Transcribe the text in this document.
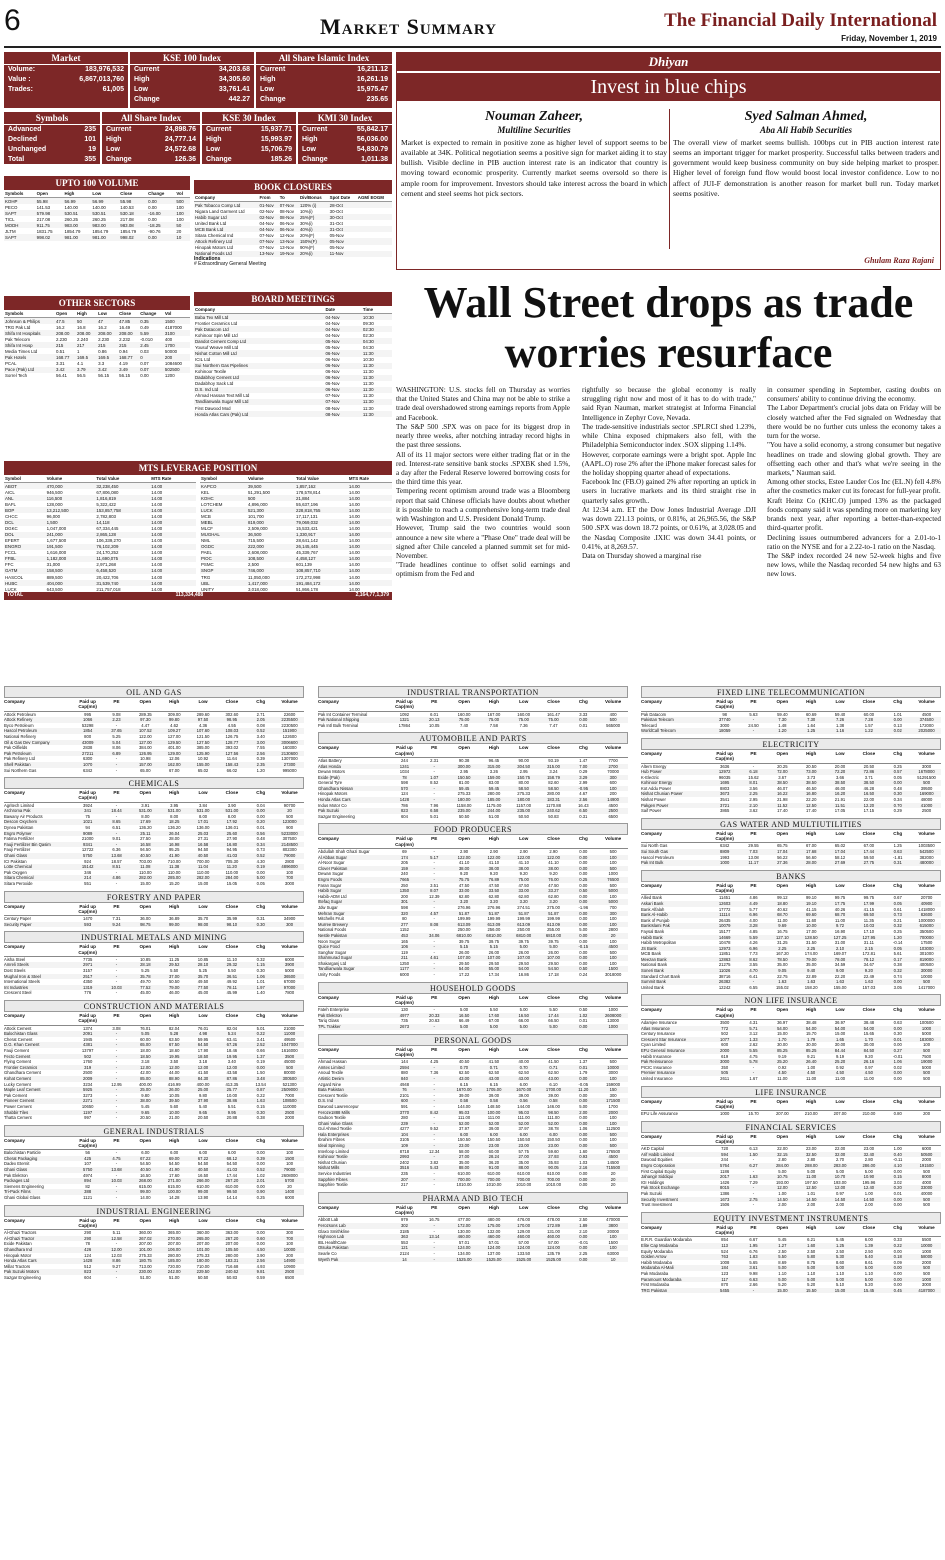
6	Market Summary	The Financial Daily International
Friday, November 1, 2019
Market
Volume:	183,976,532
Value :	6,867,013,760
Trades:	61,005
KSE 100 Index
Current	34,203.68
High	34,305.60
Low	33,761.41
Change	442.27
All Share Islamic Index
Current	16,211.12
High	16,261.19
Low	15,975.47
Change	235.65
Symbols
Advanced	235
Declined	101
Unchanged	19
Total	355
All Share Index
Current	24,898.76
High	24,777.14
Low	24,572.68
Change	126.36
KSE 30 Index
Current	15,937.71
High	15,993.97
Low	15,706.79
Change	185.26
KMI 30 Index
Current	55,842.17
High	56,036.00
Low	54,830.79
Change	1,011.38
UPTO 100 VOLUME
Symbols	Open	High	Low	Close	Change	Vol
KOHP	55.98	56.99	56.99	55.98	0.00	500
PECO	141.53	140.00	140.00	140.53	0.00	100
SAPT	579.98	530.51	530.51	530.18	-16.00	100
TICL	217.08	260.25	260.25	217.08	0.00	100
MODH	911.75	983.00	983.00	983.08	-18.25	50
JLTM	1831.75	1854.79	1854.79	1854.79	-90.76	20
SAPT	998.02	981.00	981.00	998.02	0.00	10
OTHER SECTORS
Symbols	Open	High	Low	Close	Change	Vol
Johnson & Philips	47.5	50	47	47.85	0.35	1500
TRG Pak Ltd	16.2	16.8	16.2	16.49	0.49	4187000
Shifa Int Hospitals	208.00	208.00	208.00	208.00	5.59	3100
Pak Telecom	2.230	2.240	2.230	2.232	-0.010	400
Shifa Int Hosp	215	217	215	215	2.45	1700
Media Times Ltd	0.51	1	0.86	0.94	0.03	50000
Pak Hotels	168.77	169.5	169.5	168.77	0	200
PCAL	3.31	4.1	3.3	4.19	0.07	1084600
Pace (Pak) Ltd	3.42	3.79	3.42	3.49	0.07	502500
Sorrel Tech	56.41	56.5	56.15	56.15	0.00	1200
BOOK CLOSURES
Company	From	To	Div/Bonus	Spot Date	AGM/ EOGM
Pak Tobacco Comp Ltd	01-Nov	07-Nov	120% (i)	28-Oct	
Nigara Land Garment Ltd	02-Nov	08-Nov	10%(i)	30-Oct	
Habib Sugar Ltd	02-Nov	08-Nov	25%(F)	30-Oct	
United Bank Ltd	04-Nov	06-Nov	30%(i)	31-Oct	
MCB Bank Ltd	04-Nov	06-Nov	40%(i)	31-Oct	
Sitara Chemical Ind	07-Nov	12-Nov	20%(F)	05-Nov	
Attock Refinery Ltd	07-Nov	13-Nov	150%(F)	05-Nov	
Hinopak Motors Ltd	07-Nov	13-Nov	90%(F)	05-Nov	
National Foods Ltd	13-Nov	19-Nov	20%(i)	11-Nov	
Indications
# Extraordinary General Meeting
BOARD MEETINGS
Company	Date	Time
Baba Tex Mill Ltd	04-Nov	10:30
Frontier Ceramics Ltd	04-Nov	09:30
Pak Datacom Ltd	04-Nov	02:30
Kohinoor Spin Mill Ltd	04-Nov	02:30
Dandot Cement Comp Ltd	05-Nov	04:30
Yousuf Weave Mill Ltd	05-Nov	04:30
Nishat Cotton Mill Ltd	06-Nov	11:30
ICIL Ltd	06-Nov	10:30
Sui Northern Gas Pipelines	06-Nov	11:30
Kohinoor Textile	06-Nov	11:30
Dadabhoy Cement Ltd	06-Nov	11:30
Dadabhoy Sack Ltd	06-Nov	11:30
D.S. Ind Ltd	06-Nov	11:30
Ahmad Hassan Text Mill Ltd	07-Nov	11:30
Tandlianwala Sugar Mill Ltd	07-Nov	11:30
First Dawood Mod	08-Nov	11:30
Honda Atlas Cars (Pak) Ltd	08-Nov	11:30
MTS LEVERAGE POSITION
Symbol	Volume	Total Value	MTS Rate
ABOT	470,000	32,238,450	14.00
AICL	946,500	67,806,080	14.00
ANL	116,500	1,816,819	14.00
BAFL	128,000	5,322,422	14.00
BOP	13,212,500	153,857,758	14.00
CHCC	96,000	2,782,803	14.00
DCL	1,500	14,118	14.00
DGKC	1,047,000	67,334,445	14.00
DOL	241,000	2,865,128	14.00
EFERT	1,677,500	106,339,270	14.00
ENGRO	191,500	76,102,209	14.00
FCCL	1,616,000	24,170,252	14.00
FFBL	1,182,000	11,690,075	14.00
FFC	31,000	2,971,268	14.00
GATM	158,500	6,458,520	14.00
HASCOL	889,500	20,422,706	14.00
HUBC	404,000	31,539,740	14.00
LUCK	643,500	211,757,018	14.00
Symbol	Volume	Total Value	MTS Rate
KAPCO	39,500	1,857,162	14.00
KEL	51,291,500	178,578,814	14.00
KOHC	500	21,884	14.00
LOTCHEM	4,896,000	55,637,196	14.00
LUCK	521,300	228,818,755	14.00
MCB	101,700	17,117,131	14.00
MEBL	819,000	79,069,032	14.00
MLCF	2,509,000	15,533,421	14.00
MUGHAL	36,500	1,330,917	14.00
NML	715,500	28,641,142	14.00
OGDC	222,000	26,145,445	14.00
PAEL	2,608,000	45,339,767	14.00
PIOC	108,500	4,458,127	14.00
PSMC	2,500	601,139	14.00
SNGP	746,000	108,857,710	14.00
TRG	11,050,000	172,272,998	14.00
UBL	1,417,000	191,484,172	14.00
UNITY	3,018,000	51,866,178	14.00
TOTAL	113,334,488	2,164,77,1,379
Dhiyan
Invest in blue chips
Nouman Zaheer,
Multiline Securities
Market is expected to remain in positive zone as higher level of support seems to be available at 34K. Political negotiation seems a positive sign for market aiding it to stay bullish. Visible decline in PIB auction interest rate is an indicator that country is moving toward economic prosperity. Currently market seems oversold so there is ample room for improvement. Investors should take interest across the board in which cement and steel seems hot pick sectors.
Syed Salman Ahmed,
Aba Ali Habib Securities
The overall view of market seems bullish. 100bps cut in PIB auction interest rate seems an important trigger for market prosperity. Successful talks between traders and government would keep business community on buy side helping market to prosper. Higher level of foreign fund flow would boost local investor confidence. Low to no affect of JUI-F demonstration is another reason for market bull run. Today market seems positive.
Ghulam Raza Rajani
Wall Street drops as trade worries resurface
WASHINGTON: U.S. stocks fell on Thursday as worries that the United States and China may not be able to strike a trade deal overshadowed strong earnings reports from Apple and Facebook.
The S&P 500 .SPX was on pace for its biggest drop in nearly three weeks, after notching intraday record highs in the past three sessions.
All of its 11 major sectors were either trading flat or in the red. Interest-rate sensitive bank stocks .SPXBK shed 1.5%, a day after the Federal Reserve lowered borrowing costs for the third time this year.
Tempering recent optimism around trade was a Bloomberg report that said Chinese officials have doubts about whether it is possible to reach a comprehensive long-term trade deal with Washington and U.S. President Donald Trump.
However, Trump said the two countries would soon announce a new site where a "Phase One" trade deal will be signed after Chile canceled a planned summit set for mid-November.
"Trade headlines continue to offset solid earnings and optimism from the Fed and
rightfully so because the global economy is really struggling right now and most of it has to do with trade," said Ryan Nauman, market strategist at Informa Financial Intelligence in Zephyr Cove, Nevada.
The trade-sensitive industrials sector .SPLRCI shed 1.23%, while China exposed chipmakers also fell, with the Philadelphia Semiconductor index .SOX slipping 1.14%.
However, corporate earnings were a bright spot. Apple Inc (AAPL.O) rose 2% after the iPhone maker forecast sales for the holiday shopping quarter ahead of expectations.
Facebook Inc (FB.O) gained 2% after reporting an uptick in users in lucrative markets and its third straight rise in quarterly sales growth..
At 12:34 a.m. ET the Dow Jones Industrial Average .DJI was down 221.13 points, or 0.81%, at 26,965.56, the S&P 500 .SPX was down 18.72 points, or 0.61%, at 3,028.05 and the Nasdaq Composite .IXIC was down 34.41 points, or 0.41%, at 8,269.57.
Data on Thursday showed a marginal rise
in consumer spending in September, casting doubts on consumers' ability to continue driving the economy.
The Labor Department's crucial jobs data on Friday will be closely watched after the Fed signaled on Wednesday that there would be no further cuts unless the economy takes a turn for the worse.
"You have a solid economy, a strong consumer but negative headlines on trade and slowing global growth. They are offsetting each other and that's what we're seeing in the markets," Nauman said.
Among other stocks, Estee Lauder Cos Inc (EL.N) fell 4.8% after the cosmetics maker cut its forecast for full-year profit.
Kraft Heinz Co (KHC.O) jumped 13% as the packaged foods company said it was spending more on marketing key brands next year, after reporting a better-than-expected third-quarter profit.
Declining issues outnumbered advancers for a 2.01-to-1 ratio on the NYSE and for a 2.22-to-1 ratio on the Nasdaq.
The S&P index recorded 24 new 52-week highs and five new lows, while the Nasdaq recorded 54 new highs and 63 new lows.
OIL AND GAS
Company	Paid up Cap(mn)
PE	Open	High	Low	Close	Chg	Volume
Attock Petroleum	995	9.08	289.35	309.00	289.60	302.60	2.71	22600
Attock Refinery	1066	2.23	97.30	99.80	97.50	98.95	2.05	2235500
Byco Petroleum	53298	-	4.47	4.62	4.36	4.55	0.08	2230500
Hascol Petroleum	1854	37.65	107.52	109.27	107.60	108.03	0.52	151900
National Refinery	800	5.25	122.00	127.00	121.50	126.75	3.40	122600
Oil & Gas Dev Company	43009	5.04	127.00	129.50	127.50	128.77	3.00	3006600
Pak Oilfields	2838	8.06	384.00	401.00	385.00	393.02	7.55	160300
Pak Petroleum	27211	6.89	126.95	129.00	125.90	127.56	2.56	2130600
Pak Refinery Ltd	6300	-	10.98	12.06	10.92	11.64	0.39	1307000
Shell Pakistan	1070	-	157.00	162.00	155.00	158.43	2.35	27300
Sui Northern Gas	6342	-	65.00	67.00	65.02	66.02	1.20	995000
CHEMICALS
Company	Paid up Cap(mn)
PE	Open	High	Low	Close	Chg	Volume
Agritech Limited	3924	-	3.91	3.95	3.84	3.90	0.04	90700
Archroma Pak	341	18.44	531.00	531.00	531.00	531.00	0.00	20
Bawany Air Products	75	-	8.00	8.00	8.00	8.00	0.00	500
Descon Oxychem	1021	8.65	17.69	18.25	17.01	17.92	0.20	123000
Dynea Pakistan	94	6.51	136.20	136.20	136.00	136.01	0.01	900
Engro Polymer	9089	-	25.11	26.04	25.03	25.60	0.56	5233000
Fatima Fertilizer	21000	9.01	27.50	28.00	27.31	27.90	0.48	307500
Fauji Fertilizer Bin Qasim	9341	-	16.58	16.98	16.58	16.80	0.34	2148500
Fauji Fertilizer	12722	6.36	94.50	95.25	94.50	94.95	0.73	802300
Ghani Glass	5750	13.68	40.50	41.90	40.50	41.03	0.52	79000
ICI Pakistan	924	18.57	703.00	710.00	700.00	705.30	4.30	2800
Lotte Chemical	15142	8.51	11.08	11.38	11.04	11.20	0.19	4896000
Pak Oxygen	346	-	110.00	110.00	110.00	110.00	0.00	100
Sitara Chemical	214	4.86	282.00	285.00	282.00	284.00	5.00	700
Sitara Peroxide	551	-	15.00	15.20	15.00	15.05	0.05	3000
FORESTRY AND PAPER
Company	Paid up Cap(mn)
PE	Open	High	Low	Close	Chg	Volume
Century Paper	1470	7.31	36.00	36.89	35.70	35.99	0.31	34900
Security Paper	593	9.24	98.75	99.00	98.00	98.10	0.30	300
INDUSTRIAL METALS AND MINING
Company	Paid up Cap(mn)
PE	Open	High	Low	Close	Chg	Volume
Aisha Steel	7735	-	10.85	11.25	10.85	11.10	0.32	6000
Amreli Steels	2971	-	28.18	29.52	28.10	29.32	1.15	3900
Dost Steels	3157	-	5.25	5.50	5.25	5.50	0.30	5000
Mughal Iron & Steel	2517	-	35.78	37.00	35.70	36.51	1.06	36500
International Steels	4350	-	49.70	50.50	49.50	49.92	1.01	67000
Int Industries	1319	10.03	77.52	79.00	77.50	78.11	1.97	97000
Crescent Steel	776	-	45.00	46.00	45.00	45.99	1.40	7800
CONSTRUCTION AND MATERIALS
Company	Paid up Cap(mn)
PE	Open	High	Low	Close	Chg	Volume
Attock Cement	1374	3.08	76.01	82.04	76.01	82.04	5.01	21000
Balochistan Glass	2091	-	5.05	5.28	4.98	5.24	0.22	11000
Cherat Cement	1945	-	60.00	63.50	59.95	63.41	3.41	49500
D.G. Khan Cement	4381	-	65.00	67.50	64.50	67.26	2.52	1047000
Fauji Cement	13797	-	18.00	18.60	17.90	18.46	0.66	1616000
Fecto Cement	502	-	18.50	19.95	18.50	19.95	1.37	3500
Flying Cement	1760	-	3.18	3.50	3.18	3.40	0.19	45000
Frontier Ceramics	319	-	12.00	12.00	12.00	12.00	0.00	500
Ghandhara Cement	2500	-	42.00	44.00	41.50	43.58	1.50	80000
Kohat Cement	2009	-	85.00	88.90	84.30	87.86	3.48	300500
Lucky Cement	3234	12.95	400.00	416.99	400.00	413.35	13.54	521300
Maple Leaf Cement	5925	-	25.00	26.00	25.00	25.77	0.87	2509000
Pak Cement	3273	-	9.80	10.05	9.80	10.00	0.22	7000
Pioneer Cement	2271	-	38.00	39.50	37.90	38.86	1.63	108500
Power Cement	10650	-	5.45	5.60	5.40	5.51	0.15	110000
Shabbir Tiles	1197	-	9.65	10.00	9.65	9.95	0.30	2500
Thatta Cement	997	-	20.50	21.00	20.50	20.88	0.38	2000
GENERAL INDUSTRIALS
Company	Paid up Cap(mn)
PE	Open	High	Low	Close	Chg	Volume
Balochistan Particle	56	-	6.00	6.00	6.00	6.00	0.00	100
Cherat Packaging	425	4.75	67.22	69.00	67.22	68.12	0.39	1500
Dadex Eternit	107	-	54.50	54.50	54.50	54.50	0.00	100
Ghani Glass	5750	13.68	40.50	41.90	40.50	41.03	0.52	79000
Pak Elektron	4974	-	16.50	17.60	16.50	17.44	1.02	2608000
Packages Ltd	894	10.03	268.00	271.00	266.00	267.20	2.01	5700
Siemens Engineering	82	-	615.00	615.00	610.00	610.00	0.00	20
Tri-Pack Films	388	-	99.00	100.00	99.00	99.50	0.90	1400
Ghani Global Glass	1121	-	14.00	14.28	13.90	14.14	0.25	6000
INDUSTRIAL ENGINEERING
Company	Paid up Cap(mn)
PE	Open	High	Low	Close	Chg	Volume
Al-Ghazi Tractors	290	5.11	360.00	365.00	360.00	363.00	0.00	300
Al-Ghazi Tractor	290	12.58	267.02	270.00	265.00	267.20	0.60	700
Exide Pakistan	78	-	207.00	207.00	207.00	207.00	0.00	100
Ghandhara Ind	426	12.00	101.00	106.00	101.00	105.50	4.50	10000
Hinopak Motor	124	12.03	275.33	280.00	275.33	280.00	3.90	200
Honda Atlas Cars	1428	8.86	180.75	185.00	180.00	183.31	2.56	14900
Millat Tractors	512	9.27	713.00	720.00	710.00	716.68	4.93	10900
Pak Suzuki Motors	823	-	230.00	242.00	229.50	240.62	9.81	2500
Sazgar Engineering	604	-	51.00	51.00	50.50	50.83	0.59	6500
INDUSTRIAL TRANSPORTATION
Company	Paid up Cap(mn)
PE	Open	High	Low	Close	Chg	Volume
Pak Int Container Terminal	1092	6.01	160.00	167.00	160.00	161.47	3.33	400
Pak National Shipping	1321	20.13	75.00	75.00	75.00	75.00	0.00	500
Pak Intl Bulk Terminal	17864	10.05	7.40	7.58	7.36	7.47	0.01	565000
AUTOMOBILE AND PARTS
Company	Paid up Cap(mn)
PE	Open	High	Low	Close	Chg	Volume
Atlas Battery	244	2.31	90.38	96.45	90.00	93.19	1.47	7700
Atlas Honda	1241	-	300.00	315.00	304.50	315.00	7.00	2700
Dewan Motors	1034	-	2.95	3.26	2.95	3.24	0.29	70000
Exide (Pak)	78	1.07	150.50	159.00	150.75	158.79	3.29	300
General Tyre	598	8.52	81.00	83.00	80.00	82.60	2.99	600
Ghandhara Nissan	570	-	59.45	59.45	58.50	58.50	-0.95	100
Hinopak Motors	124	-	275.33	280.00	275.33	280.00	4.67	200
Honda Atlas Cars	1428	-	180.00	185.00	180.00	183.31	2.56	14900
Indus Motor Co	786	7.96	1158.00	1175.00	1157.00	1170.88	16.43	4500
Pak Suzuki	823	6.58	235.00	244.00	235.00	240.62	6.50	2500
Sazgar Engineering	604	5.01	50.50	51.00	50.50	50.83	0.31	6500
FOOD PRODUCERS
Company	Paid up Cap(mn)
PE	Open	High	Low	Close	Chg	Volume
Abdullah Shah Ghazi Sugar	69	-	2.90	2.90	2.90	2.90	0.00	500
Al Abbas Sugar	174	5.17	122.00	122.00	122.00	122.00	0.00	100
Al-Noor Sugar	205	-	41.10	41.10	41.10	41.10	0.00	100
Clover Pakistan	159	-	38.00	38.00	38.00	38.00	0.00	500
Dewan Sugar	240	-	9.20	9.20	9.20	9.20	0.00	1000
Engro Foods	7665	-	75.75	76.89	75.00	76.00	0.25	76500
Faran Sugar	250	3.51	47.50	47.50	47.50	47.50	0.00	500
Habib Sugar	1350	8.07	33.00	33.50	33.00	33.27	0.50	5000
Habib-ADM Ltd	200	12.39	62.80	62.80	62.80	62.80	0.00	100
Ittefaq Sugar	301	-	3.20	3.20	3.20	3.20	0.00	5000
Jdw Sugar	598	-	276.96	276.96	274.51	275.00	-1.96	700
Mehran Sugar	320	4.57	51.87	51.87	51.87	51.87	0.00	300
Mitchells Fruit	80	-	199.99	199.99	199.99	199.99	0.00	100
Murree Brewery	277	8.08	613.09	613.09	613.09	613.09	0.00	100
National Foods	1152	-	250.00	256.00	250.00	255.00	5.00	2800
Nestle Pakistan	453	34.06	6810.00	6810.00	6810.00	6810.00	0.00	20
Noon Sugar	165	-	39.75	39.75	39.75	39.75	0.00	100
Quice Food	106	-	5.15	5.15	5.00	5.00	-0.15	4500
Sanghar Sugar	119	-	26.00	26.00	26.00	26.00	0.00	500
Shahmurad Sugar	211	4.61	107.00	107.00	107.00	107.00	0.00	100
Shakarganj Ltd	1250	-	29.50	29.50	29.50	29.50	0.00	100
Tandlianwala Sugar	1177	-	54.00	55.00	54.00	54.50	0.50	1500
Unity Foods	6000	-	17.22	17.34	16.86	17.18	0.24	3018000
HOUSEHOLD GOODS
Company	Paid up Cap(mn)
PE	Open	High	Low	Close	Chg	Volume
Fateh Enterprise	130	-	5.00	5.50	5.00	5.50	0.50	1000
Pak Elektron	4977	20.33	16.50	17.60	16.50	17.44	1.02	2608000
Tariq Glass	735	20.63	66.49	67.00	66.00	66.50	0.01	13000
TPL Trakker	2673	-	5.00	5.00	5.00	5.00	0.00	1000
PERSONAL GOODS
Company	Paid up Cap(mn)
PE	Open	High	Low	Close	Chg	Volume
Ahmad Hassan	144	4.25	40.50	41.50	40.00	41.50	1.37	500
Amtex Limited	2594	-	0.70	0.71	0.70	0.71	0.01	10000
Anoud Textile	880	7.36	62.50	62.50	62.50	62.50	1.79	3000
Artistic Denim	840	-	43.00	43.00	43.00	43.00	0.00	100
Azgard Nine	4948	-	6.15	6.15	6.00	6.10	-0.05	159000
Bata Pakistan	76	-	1670.00	1705.00	1670.00	1700.00	11.20	150
Crescent Textile	2101	-	39.00	39.00	39.00	39.00	0.00	300
D.S. Ind	600	-	0.58	0.58	0.56	0.58	0.00	171500
Dawood Lawrencepur	591	-	144.00	148.50	144.00	146.00	5.00	1700
Feroze1888 Mills	3770	8.42	95.03	100.00	95.03	98.50	2.00	2000
Gadoon Textile	280	-	111.00	111.00	111.00	111.00	0.00	100
Ghani Value Glass	239	-	52.00	52.00	52.00	52.00	0.00	100
Gul Ahmed Textile	4277	9.52	37.97	39.00	37.97	38.78	1.06	112500
Hala Enterprises	104	-	6.00	6.00	6.00	6.00	0.00	500
Ibrahim Fibres	3105	-	150.50	150.50	150.50	150.50	0.00	100
Ideal Spinning	109	-	23.00	23.00	23.00	23.00	0.00	500
Interloop Limited	8718	12.34	58.00	60.00	57.75	59.60	1.60	176500
Kohinoor Textile	2993	-	27.00	28.24	27.00	27.93	0.93	4500
Nishat Chunian	2402	3.82	35.00	36.20	35.00	35.93	1.03	14500
Nishat Mills	3516	5.43	88.00	91.00	88.00	90.05	2.16	715500
Service Industries	235	-	610.00	610.00	610.00	610.00	0.00	20
Sapphire Fibres	207	-	700.00	700.00	700.00	700.00	0.00	20
Sapphire Textile	217	-	1010.00	1010.00	1010.00	1010.00	0.00	20
PHARMA AND BIO TECH
Company	Paid up Cap(mn)
PE	Open	High	Low	Close	Chg	Volume
Abbott Lab	979	16.75	477.00	480.00	476.00	478.00	2.50	470000
Ferozsons Lab	302	-	172.00	175.00	170.00	172.89	1.89	3800
Glaxo Smithkline	3185	-	130.00	132.00	129.00	131.00	2.10	20000
Highnoon Lab	363	13.14	460.00	460.00	460.00	460.00	0.00	100
IBL HealthCare	553	-	57.01	57.01	57.00	57.00	-0.01	1500
Otsuka Pakistan	121	-	124.00	124.00	124.00	124.00	0.00	100
Searle Co	2124	-	134.00	137.00	133.50	135.79	2.25	63000
Wyeth Pak	14	-	1525.00	1525.00	1525.00	1525.00	0.00	10
FIXED LINE TELECOMMUNICATION
Company	Paid up Cap(mn)
PE	Open	High	Low	Close	Chg	Volume
Pak Datacom	98	5.63	59.40	60.69	59.40	60.00	1.01	4500
Pakistan Telecom	37740	-	7.30	7.30	7.26	7.28	0.00	374500
Telecard	3000	24.50	1.48	1.64	1.38	1.57	0.13	172000
WorldCall Telecom	18059	-	1.20	1.25	1.16	1.22	0.02	2025000
ELECTRICITY
Company	Paid up Cap(mn)
PE	Open	High	Low	Close	Chg	Volume
Altern Energy	3636	-	20.25	20.50	20.00	20.50	0.25	3000
Hub Power	12972	6.18	72.00	73.00	72.20	72.86	0.57	1678000
K-Electric	96035	15.62	3.67	3.73	3.66	3.71	0.05	51291500
Kohinoor Energy	1695	8.01	38.50	38.50	38.50	38.50	0.00	500
Kot Addu Power	8803	3.56	46.07	46.50	46.00	46.28	0.48	39500
Nishat Chunian Power	3673	2.25	16.22	16.80	16.20	16.50	0.30	169000
Nishat Power	3541	2.95	21.98	22.20	21.91	22.00	0.34	48000
Pakgen Power	3721	2.10	11.52	12.50	11.51	12.20	0.70	41000
Saif Power	3865	3.62	17.40	17.40	17.05	17.15	0.29	2500
GAS WATER AND MULTIUTILITIES
Company	Paid up Cap(mn)
PE	Open	High	Low	Close	Chg	Volume
Sui North Gas	6342	29.55	65.75	67.00	65.02	67.00	1.25	1003500
Sui South Gas	8809	7.03	17.04	17.68	17.04	17.44	0.63	542500
Hascol Petroleum	1993	13.08	56.22	56.60	58.12	59.50	-1.81	382000
Pak Int Bulk	1000	11.17	27.36	28.00	27.69	27.75	0.31	480000
BANKS
Company	Paid up Cap(mn)
PE	Open	High	Low	Close	Chg	Volume
Allied Bank	11451	4.86	99.12	99.10	99.75	99.75	0.67	20700
Askari Bank	12603	4.49	18.80	19.10	17.75	17.99	0.05	40900
Bank Alfalah	17772	5.77	40.62	41.15	40.26	41.15	0.61	1418000
Bank Al-Habib	11114	6.96	68.70	69.60	68.70	69.50	0.73	82600
Bank of Punjab	26435	4.00	11.00	11.60	11.00	11.35	0.21	1000000
BankIslami Pak	10079	3.28	9.69	10.00	9.72	10.03	0.32	615000
Faysal Bank	15177	4.85	16.75	17.00	16.90	17.10	0.25	350500
Habib Bank	14669	5.59	127.10	128.50	127.25	127.95	1.20	700000
Habib Metropolitan	10478	4.26	31.25	31.50	31.00	31.11	-0.14	17500
JS Bank	12973	6.96	2.25	2.25	2.10	2.15	0.05	103000
MCB Bank	11851	7.73	167.20	174.00	169.07	172.81	5.61	301000
Meezan Bank	12863	8.62	78.50	79.00	78.00	78.12	0.17	819000
National Bank	21275	3.55	35.00	35.00	34.59	34.67	0.38	400500
Soneri Bank	11026	4.70	9.05	9.40	9.00	9.20	0.32	30000
Standard Chart Bank	38716	6.41	22.75	22.89	22.20	22.49	0.74	10000
Summit Bank	26382	-	1.63	1.63	1.63	1.63	0.00	500
United Bank	12242	6.55	155.02	158.20	155.00	157.03	3.05	1417000
NON LIFE INSURANCE
Company	Paid up Cap(mn)
PE	Open	High	Low	Close	Chg	Volume
Adamjee Insurance	3500	4.31	36.97	38.48	36.97	38.48	0.63	100500
Atlas Insurance	772	5.71	54.00	54.00	54.00	54.00	0.00	1000
Century Insurance	502	3.12	15.00	15.70	15.00	15.65	0.30	5000
Crescent Star Insurance	1077	1.33	1.70	1.79	1.65	1.70	0.01	183000
Cyan Limited	600	2.62	30.00	30.00	30.00	30.00	0.00	100
EFU General Insurance	2000	5.55	85.25	85.25	84.44	84.50	0.27	500
Habib Insurance	619	4.75	9.19	9.21	9.19	9.20	-0.01	7500
Pak Reinsurance	3000	5.78	25.20	26.40	25.20	26.16	1.06	19000
PICIC Insurance	350	-	0.92	1.00	0.92	0.97	0.02	5000
Premier Insurance	505	-	4.50	4.50	4.50	4.50	0.00	500
United Insurance	2611	1.67	11.00	11.00	11.00	11.00	0.00	500
LIFE INSURANCE
Company	Paid up Cap(mn)
PE	Open	High	Low	Close	Chg	Volume
EFU Life Assurance	1000	15.70	207.00	210.00	207.00	210.00	0.80	200
FINANCIAL SERVICES
Company	Paid up Cap(mn)
PE	Open	High	Low	Close	Chg	Volume
AKD Capital	720	6.13	22.00	23.00	22.00	23.00	1.00	6000
Arif Habib Limited	594	1.50	32.15	32.50	32.00	32.40	0.40	50500
Dawood Equities	244	-	2.80	2.80	2.70	2.80	-0.11	2000
Engro Corporation	5764	6.27	284.00	288.00	283.00	286.00	4.10	191500
First Capital Equity	1186	-	5.00	5.00	5.00	5.00	0.00	500
Jahangir Siddiqui	2017	1.63	10.75	11.00	10.70	10.90	0.15	8000
IGI Holdings	1426	7.29	193.00	197.50	193.00	195.96	3.02	4000
Pak Stock Exchange	8015	-	12.00	12.50	12.00	12.40	0.20	33000
Pak Suzuki	1386	-	1.00	1.01	0.97	1.00	0.01	40000
Security Investment	1673	2.75	14.50	14.50	14.50	14.50	0.00	500
Trust Investment	1506	-	2.00	2.00	2.00	2.00	0.00	500
EQUITY INVESTMENT INSTRUMENTS
Company	Paid up Cap(mn)
PE	Open	High	Low	Close	Chg	Volume
B.R.R. Guardian Modaraba	854	6.67	5.45	6.21	5.45	6.00	0.33	5500
Elite Cap Modaraba	113	1.95	1.27	1.60	1.25	1.39	0.22	10000
Equity Modaraba	524	6.76	2.50	2.50	2.50	2.50	0.00	1000
Golden Arrow	763	1.83	5.50	5.80	5.30	5.40	0.18	58000
Habib Modaraba	1008	5.65	8.69	8.75	8.60	8.61	0.09	2000
Modaraba Al-Mali	184	3.61	5.00	5.00	5.00	5.00	0.00	500
Pak Modaraba	123	9.98	1.10	1.10	1.10	1.10	0.00	500
Paramount Modaraba	117	6.63	5.00	5.00	5.00	5.00	0.00	1000
First Modaraba	870	2.66	5.20	5.20	5.10	5.20	0.00	3000
TRG Pakistan	5455	-	15.00	15.50	15.00	15.45	0.45	4187000
